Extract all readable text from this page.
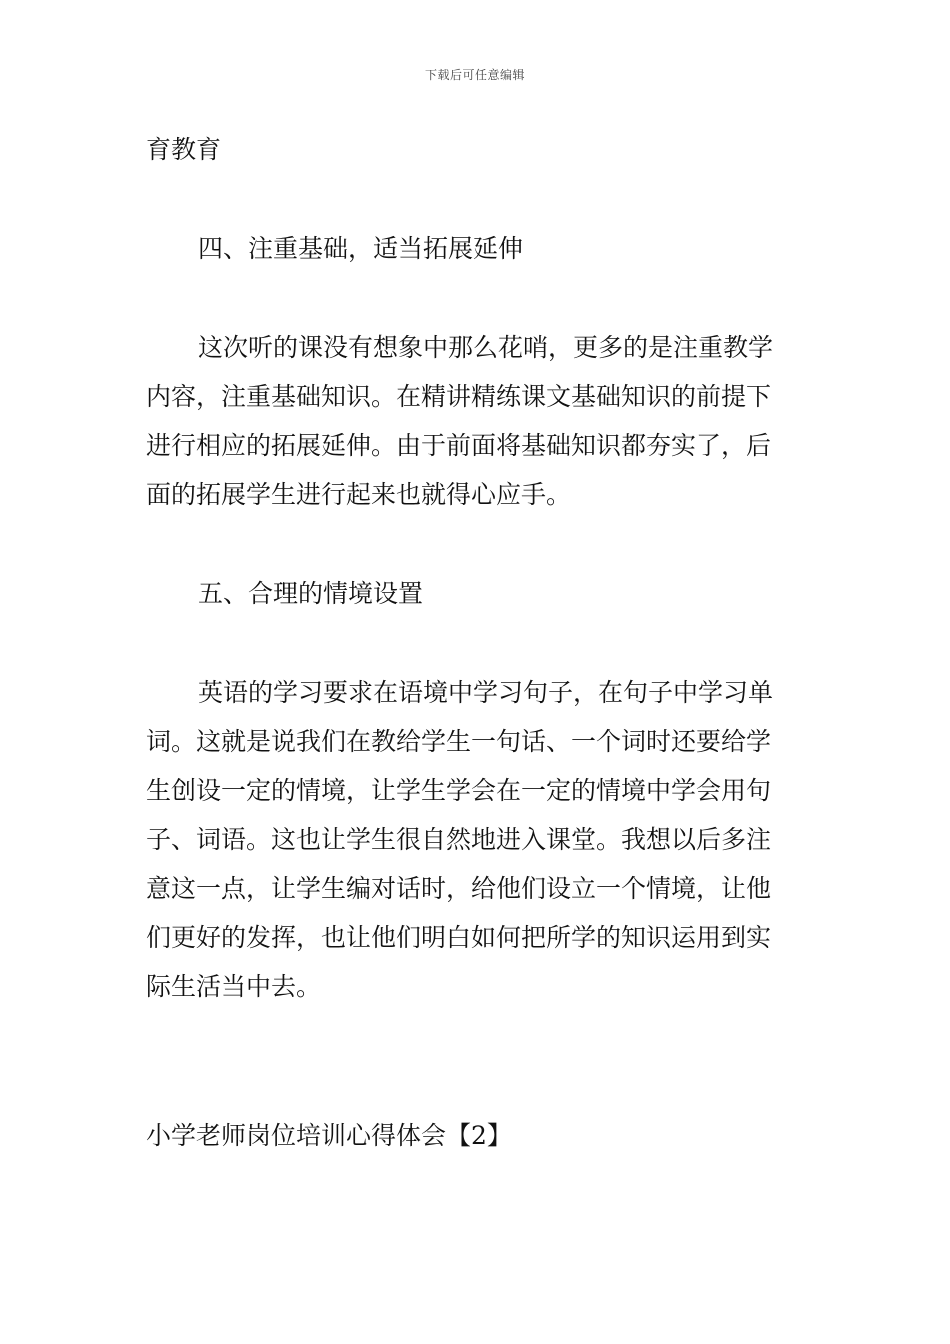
下载后可任意编辑
育教育
四、注重基础，适当拓展延伸
这次听的课没有想象中那么花哨，更多的是注重教学
内容，注重基础知识。在精讲精练课文基础知识的前提下
进行相应的拓展延伸。由于前面将基础知识都夯实了，后
面的拓展学生进行起来也就得心应手。
五、合理的情境设置
英语的学习要求在语境中学习句子，在句子中学习单
词。这就是说我们在教给学生一句话、一个词时还要给学
生创设一定的情境，让学生学会在一定的情境中学会用句
子、词语。这也让学生很自然地进入课堂。我想以后多注
意这一点，让学生编对话时，给他们设立一个情境，让他
们更好的发挥，也让他们明白如何把所学的知识运用到实
际生活当中去。
小学老师岗位培训心得体会【2】
